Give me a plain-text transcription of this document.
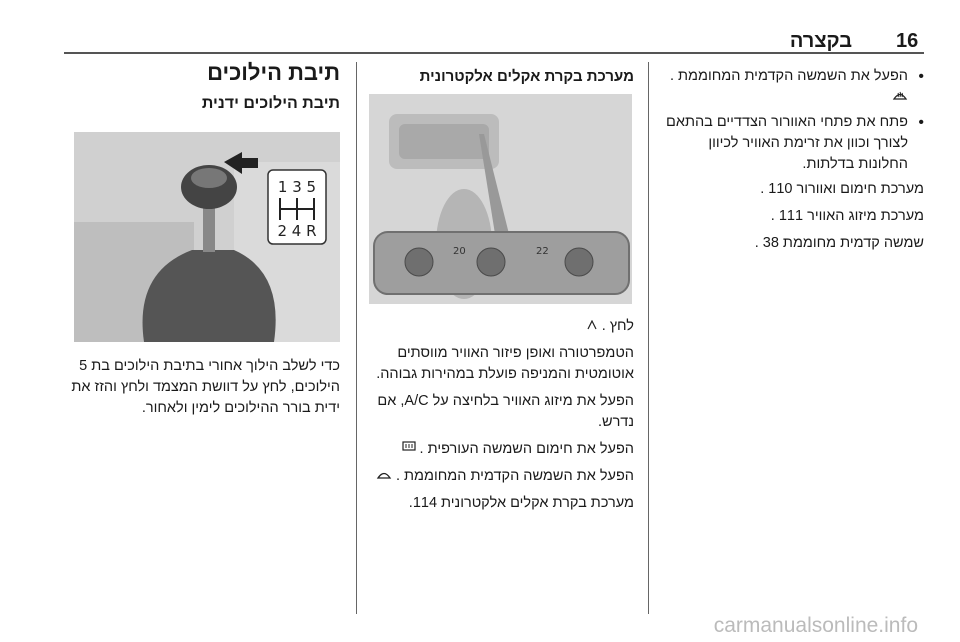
16
בקצרה
• הפעל את השמשה הקדמית המחוממת .
• פתח את פתחי האוורור הצדדיים בהתאם לצורך וכוון את זרימת האוויר לכיוון החלונות בדלתות.

מערכת חימום ואוורור 110 .

מערכת מיזוג האוויר 111 .

שמשה קדמית מחוממת 38 .

מערכת בקרת אקלים אלקטרונית
20	22

לחץ .

הטמפרטורה ואופן פיזור האוויר מווסתים אוטומטית והמניפה פועלת במהירות גבוהה.

הפעל את מיזוג האוויר בלחיצה על A/C, אם נדרש.

הפעל את חימום השמשה העורפית .

הפעל את השמשה הקדמית המחוממת .

מערכת בקרת אקלים אלקטרונית 114.

תיבת הילוכים
תיבת הילוכים ידנית
1 3 5
2 4 R

כדי לשלב הילוך אחורי בתיבת הילוכים בת 5 הילוכים, לחץ על דוושת המצמד ולחץ והזז את ידית בורר ההילוכים לימין ולאחור.

carmanualsonline.info
